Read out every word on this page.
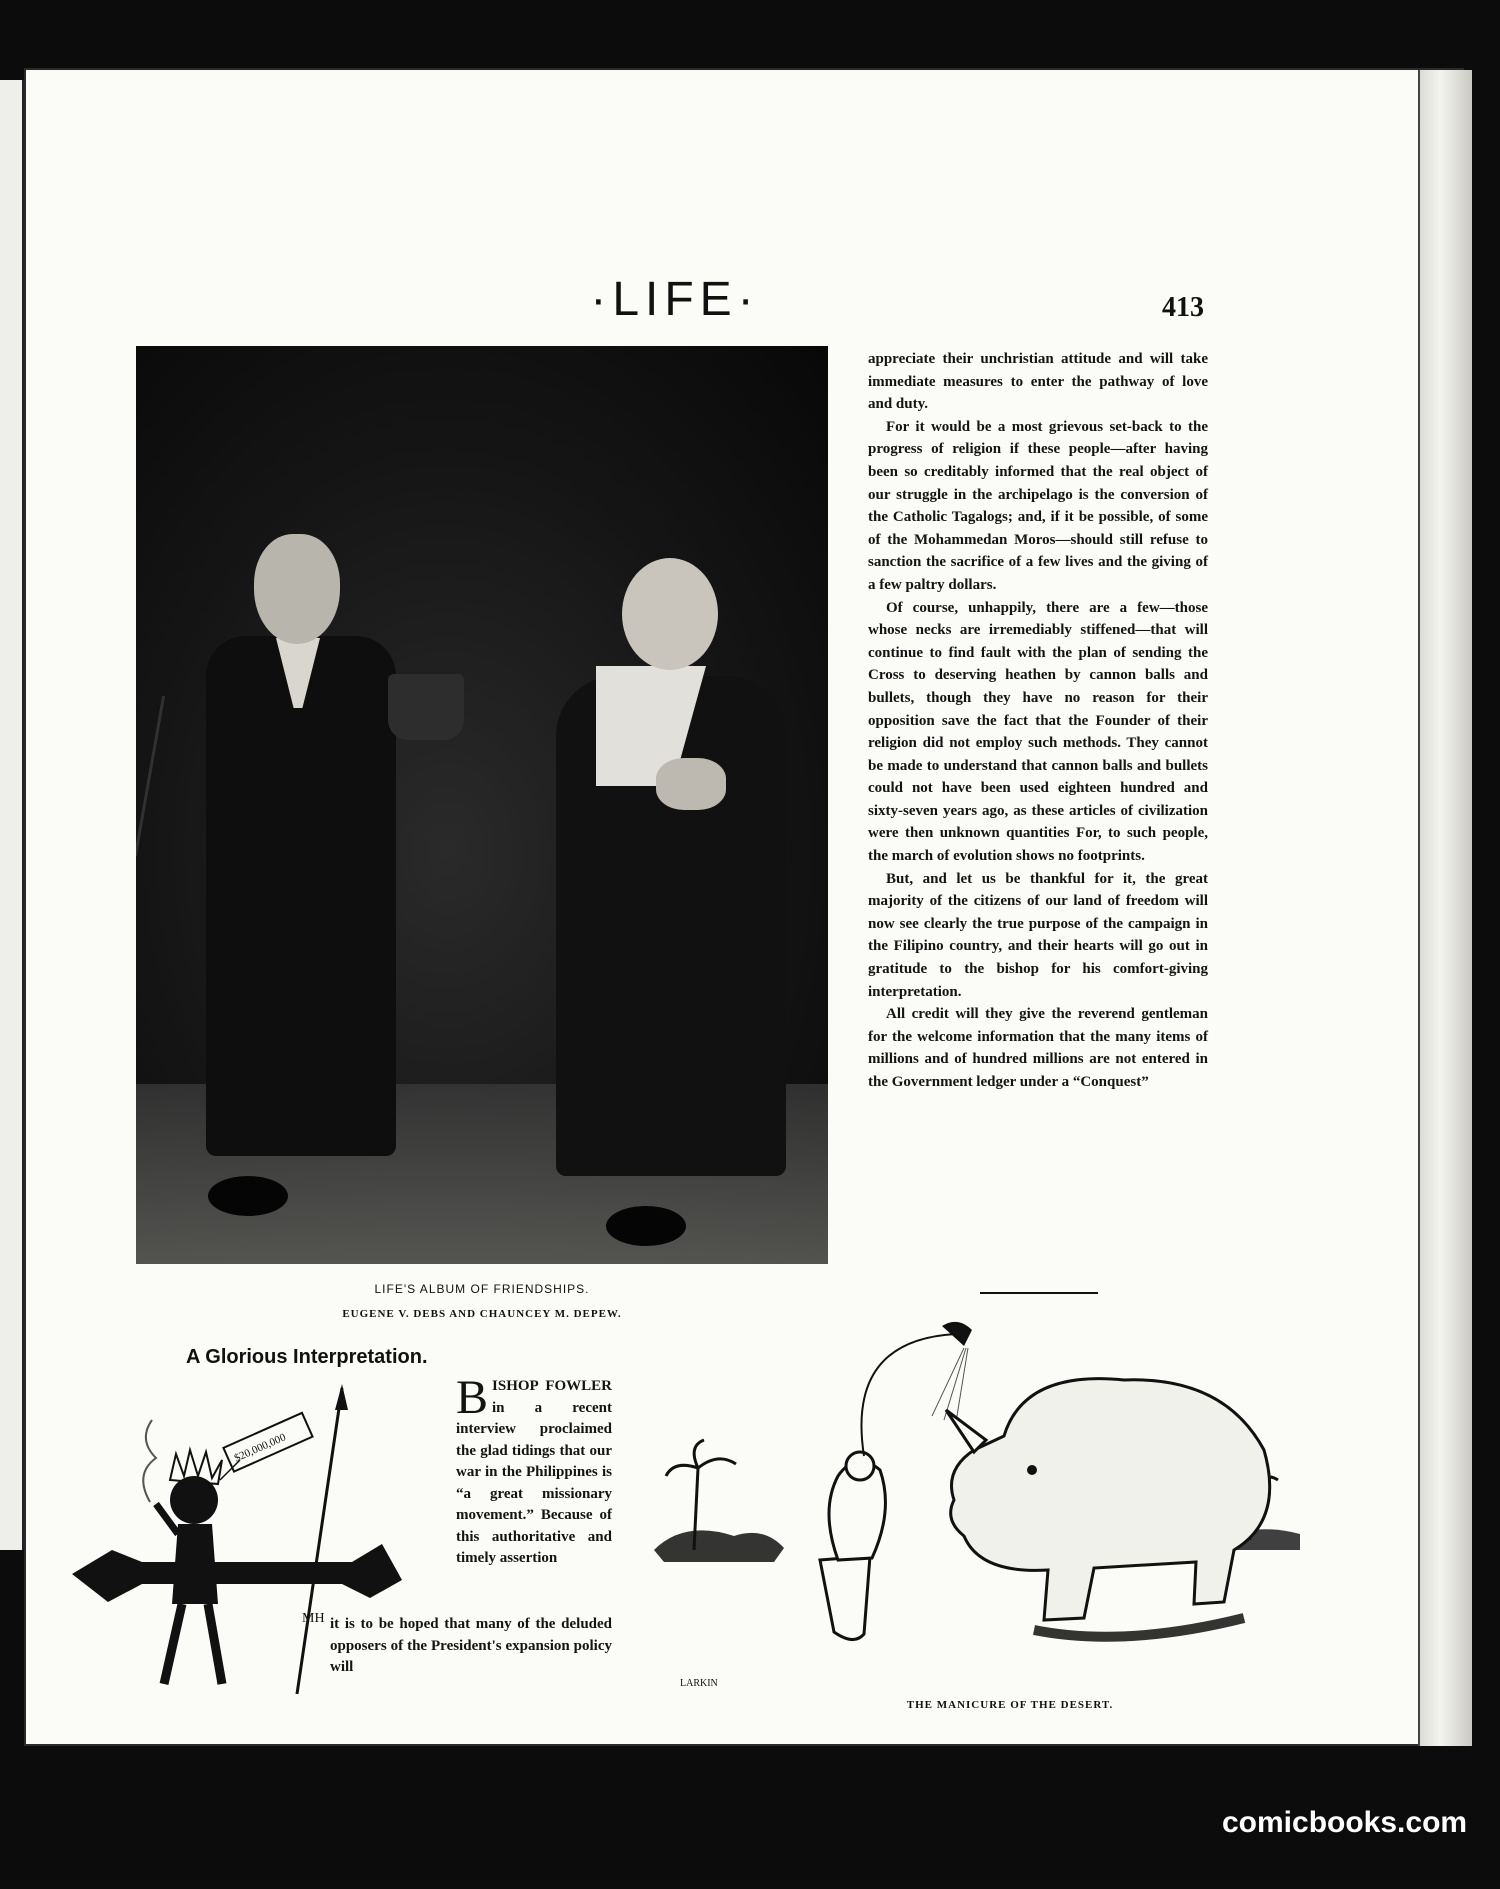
·LIFE·	413
LIFE'S ALBUM OF FRIENDSHIPS.
EUGENE V. DEBS AND CHAUNCEY M. DEPEW.

appreciate their unchristian attitude and will take immediate measures to enter the pathway of love and duty.

For it would be a most grievous set-back to the progress of religion if these people—after having been so creditably informed that the real object of our struggle in the archipelago is the conversion of the Catholic Tagalogs; and, if it be possible, of some of the Mohammedan Moros—should still refuse to sanction the sacrifice of a few lives and the giving of a few paltry dollars.

Of course, unhappily, there are a few—those whose necks are irremediably stiffened—that will continue to find fault with the plan of sending the Cross to deserving heathen by cannon balls and bullets, though they have no reason for their opposition save the fact that the Founder of their religion did not employ such methods. They cannot be made to understand that cannon balls and bullets could not have been used eighteen hundred and sixty-seven years ago, as these articles of civilization were then unknown quantities For, to such people, the march of evolution shows no footprints.

But, and let us be thankful for it, the great majority of the citizens of our land of freedom will now see clearly the true purpose of the campaign in the Filipino country, and their hearts will go out in gratitude to the bishop for his comfort-giving interpretation.

All credit will they give the reverend gentleman for the welcome information that the many items of millions and of hundred millions are not entered in the Government ledger under a “Conquest”

A Glorious Interpretation.
B ISHOP FOWLER in a recent interview proclaimed the glad tidings that our war in the Philippines is “a great missionary movement.” Because of this authoritative and timely assertion

it is to be hoped that many of the deluded opposers of the President's expansion policy will

$20,000,000
MH
LARKIN
THE MANICURE OF THE DESERT.
comicbooks.com
